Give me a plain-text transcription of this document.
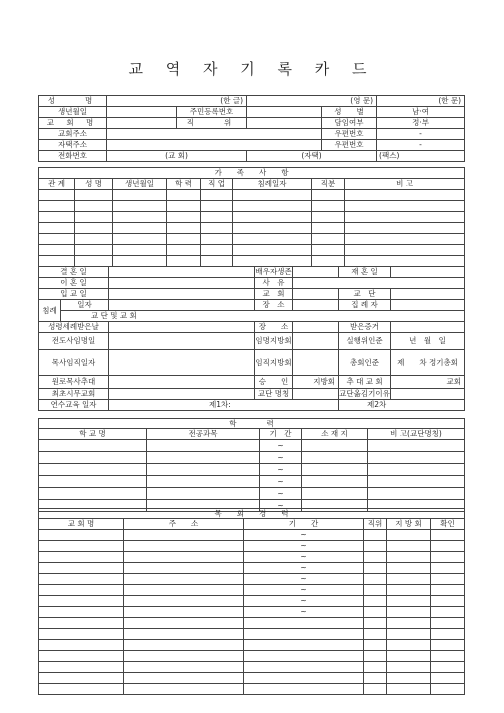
교 역 자 기 록 카 드
성　　명	(한 글)		(영 문)		(한 문)
생년월일		주민등록번호		성　　별	남·여
교 회 명		직　　위		담임여부	정·부
교회주소				우편번호	-
자택주소				우편번호	-
전화번호	(교 회)		(자택)		(팩스)
가　　족　　사　　항							
관 계	성 명	생년월일	학 력	직 업	침례일자	직분	비 고

결 혼 일			배우자생존		재 혼 일	
이 혼 일			사　유			
입 교 일			교　회		교　단	
침례	일자		장　소		집 례 자	
	교 단 및 교 회					
성령세례받은날			장　　소		받은증거	
전도사임명일			임명지방회		실행위인준	년　월　일
목사임직일자			임직지방회		총회인준	제　　차 정기총회
원로목사추대			승　　인	지방회	추 대 교 회	교회
최초시무교회			교단 명칭		교단옮김기이유	
연수교육 일자		제1차:			제2차	
학　　　　력				
학 교 명	전공과목	기　간	소 재 지	비 고(교단명칭)
		~		
		~		
		~		
		~		
		~		
		~		
목　　회　　경　　력					
교 회 명	주　　소	기　　간	직위	지 방 회	확인
		~			
		~			
		~			
		~			
		~			
		~			
		~			
		~			
